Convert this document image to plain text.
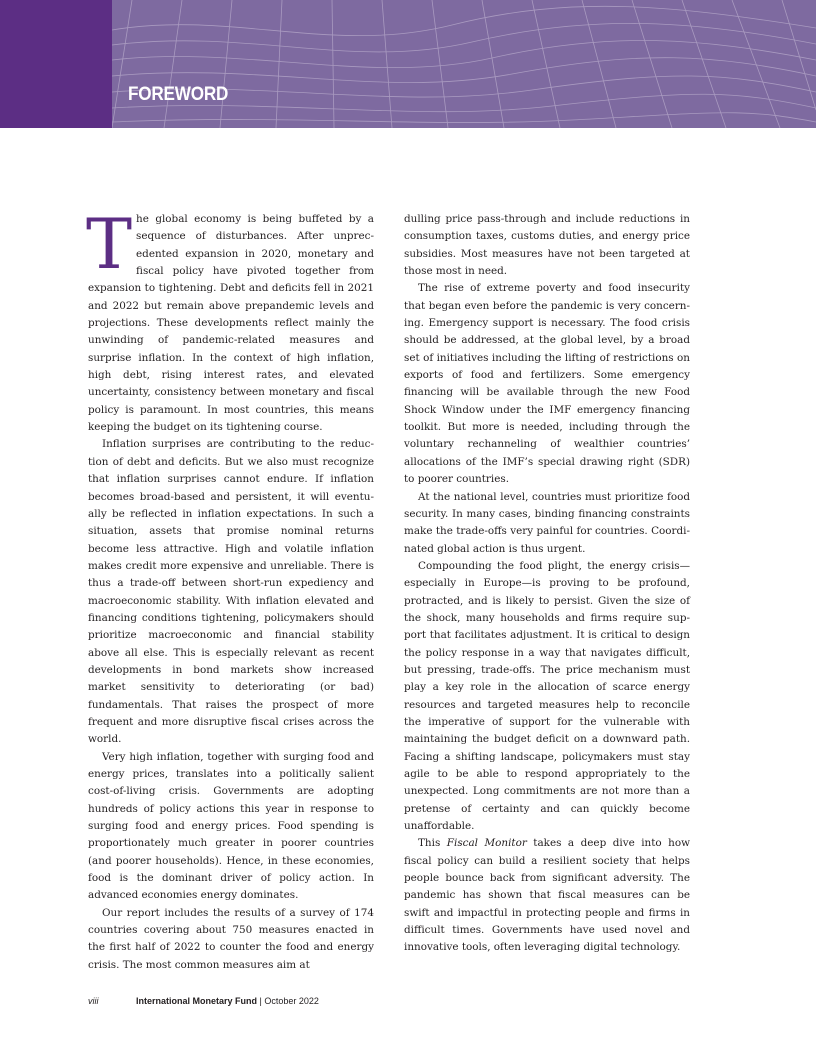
FOREWORD

The global economy is being buffeted by a sequence of disturbances. After unprecedented expansion in 2020, monetary and fiscal policy have pivoted together from expansion to tightening. Debt and deficits fell in 2021 and 2022 but remain above prepandemic levels and projections. These developments reflect mainly the unwinding of pandemic-related measures and surprise inflation. In the context of high inflation, high debt, rising interest rates, and elevated uncertainty, consistency between monetary and fiscal policy is paramount. In most countries, this means keeping the budget on its tightening course.

Inflation surprises are contributing to the reduction of debt and deficits. But we also must recognize that inflation surprises cannot endure. If inflation becomes broad-based and persistent, it will eventually be reflected in inflation expectations. In such a situation, assets that promise nominal returns become less attractive. High and volatile inflation makes credit more expensive and unreliable. There is thus a trade-off between short-run expediency and macroeconomic stability. With inflation elevated and financing conditions tightening, policymakers should prioritize macroeconomic and financial stability above all else. This is especially relevant as recent developments in bond markets show increased market sensitivity to deteriorating (or bad) fundamentals. That raises the prospect of more frequent and more disruptive fiscal crises across the world.

Very high inflation, together with surging food and energy prices, translates into a politically salient cost-of-living crisis. Governments are adopting hundreds of policy actions this year in response to surging food and energy prices. Food spending is proportionately much greater in poorer countries (and poorer households). Hence, in these economies, food is the dominant driver of policy action. In advanced economies energy dominates.

Our report includes the results of a survey of 174 countries covering about 750 measures enacted in the first half of 2022 to counter the food and energy crisis. The most common measures aim at

dulling price pass-through and include reductions in consumption taxes, customs duties, and energy price subsidies. Most measures have not been targeted at those most in need.

The rise of extreme poverty and food insecurity that began even before the pandemic is very concerning. Emergency support is necessary. The food crisis should be addressed, at the global level, by a broad set of initiatives including the lifting of restrictions on exports of food and fertilizers. Some emergency financing will be available through the new Food Shock Window under the IMF emergency financing toolkit. But more is needed, including through the voluntary rechanneling of wealthier countries’ allocations of the IMF’s special drawing right (SDR) to poorer countries.

At the national level, countries must prioritize food security. In many cases, binding financing constraints make the trade-offs very painful for countries. Coordinated global action is thus urgent.

Compounding the food plight, the energy crisis—especially in Europe—is proving to be profound, protracted, and is likely to persist. Given the size of the shock, many households and firms require support that facilitates adjustment. It is critical to design the policy response in a way that navigates difficult, but pressing, trade-offs. The price mechanism must play a key role in the allocation of scarce energy resources and targeted measures help to reconcile the imperative of support for the vulnerable with maintaining the budget deficit on a downward path. Facing a shifting landscape, policymakers must stay agile to be able to respond appropriately to the unexpected. Long commitments are not more than a pretense of certainty and can quickly become unaffordable.

This Fiscal Monitor takes a deep dive into how fiscal policy can build a resilient society that helps people bounce back from significant adversity. The pandemic has shown that fiscal measures can be swift and impactful in protecting people and firms in difficult times. Governments have used novel and innovative tools, often leveraging digital technology.

viii	International Monetary Fund | October 2022
